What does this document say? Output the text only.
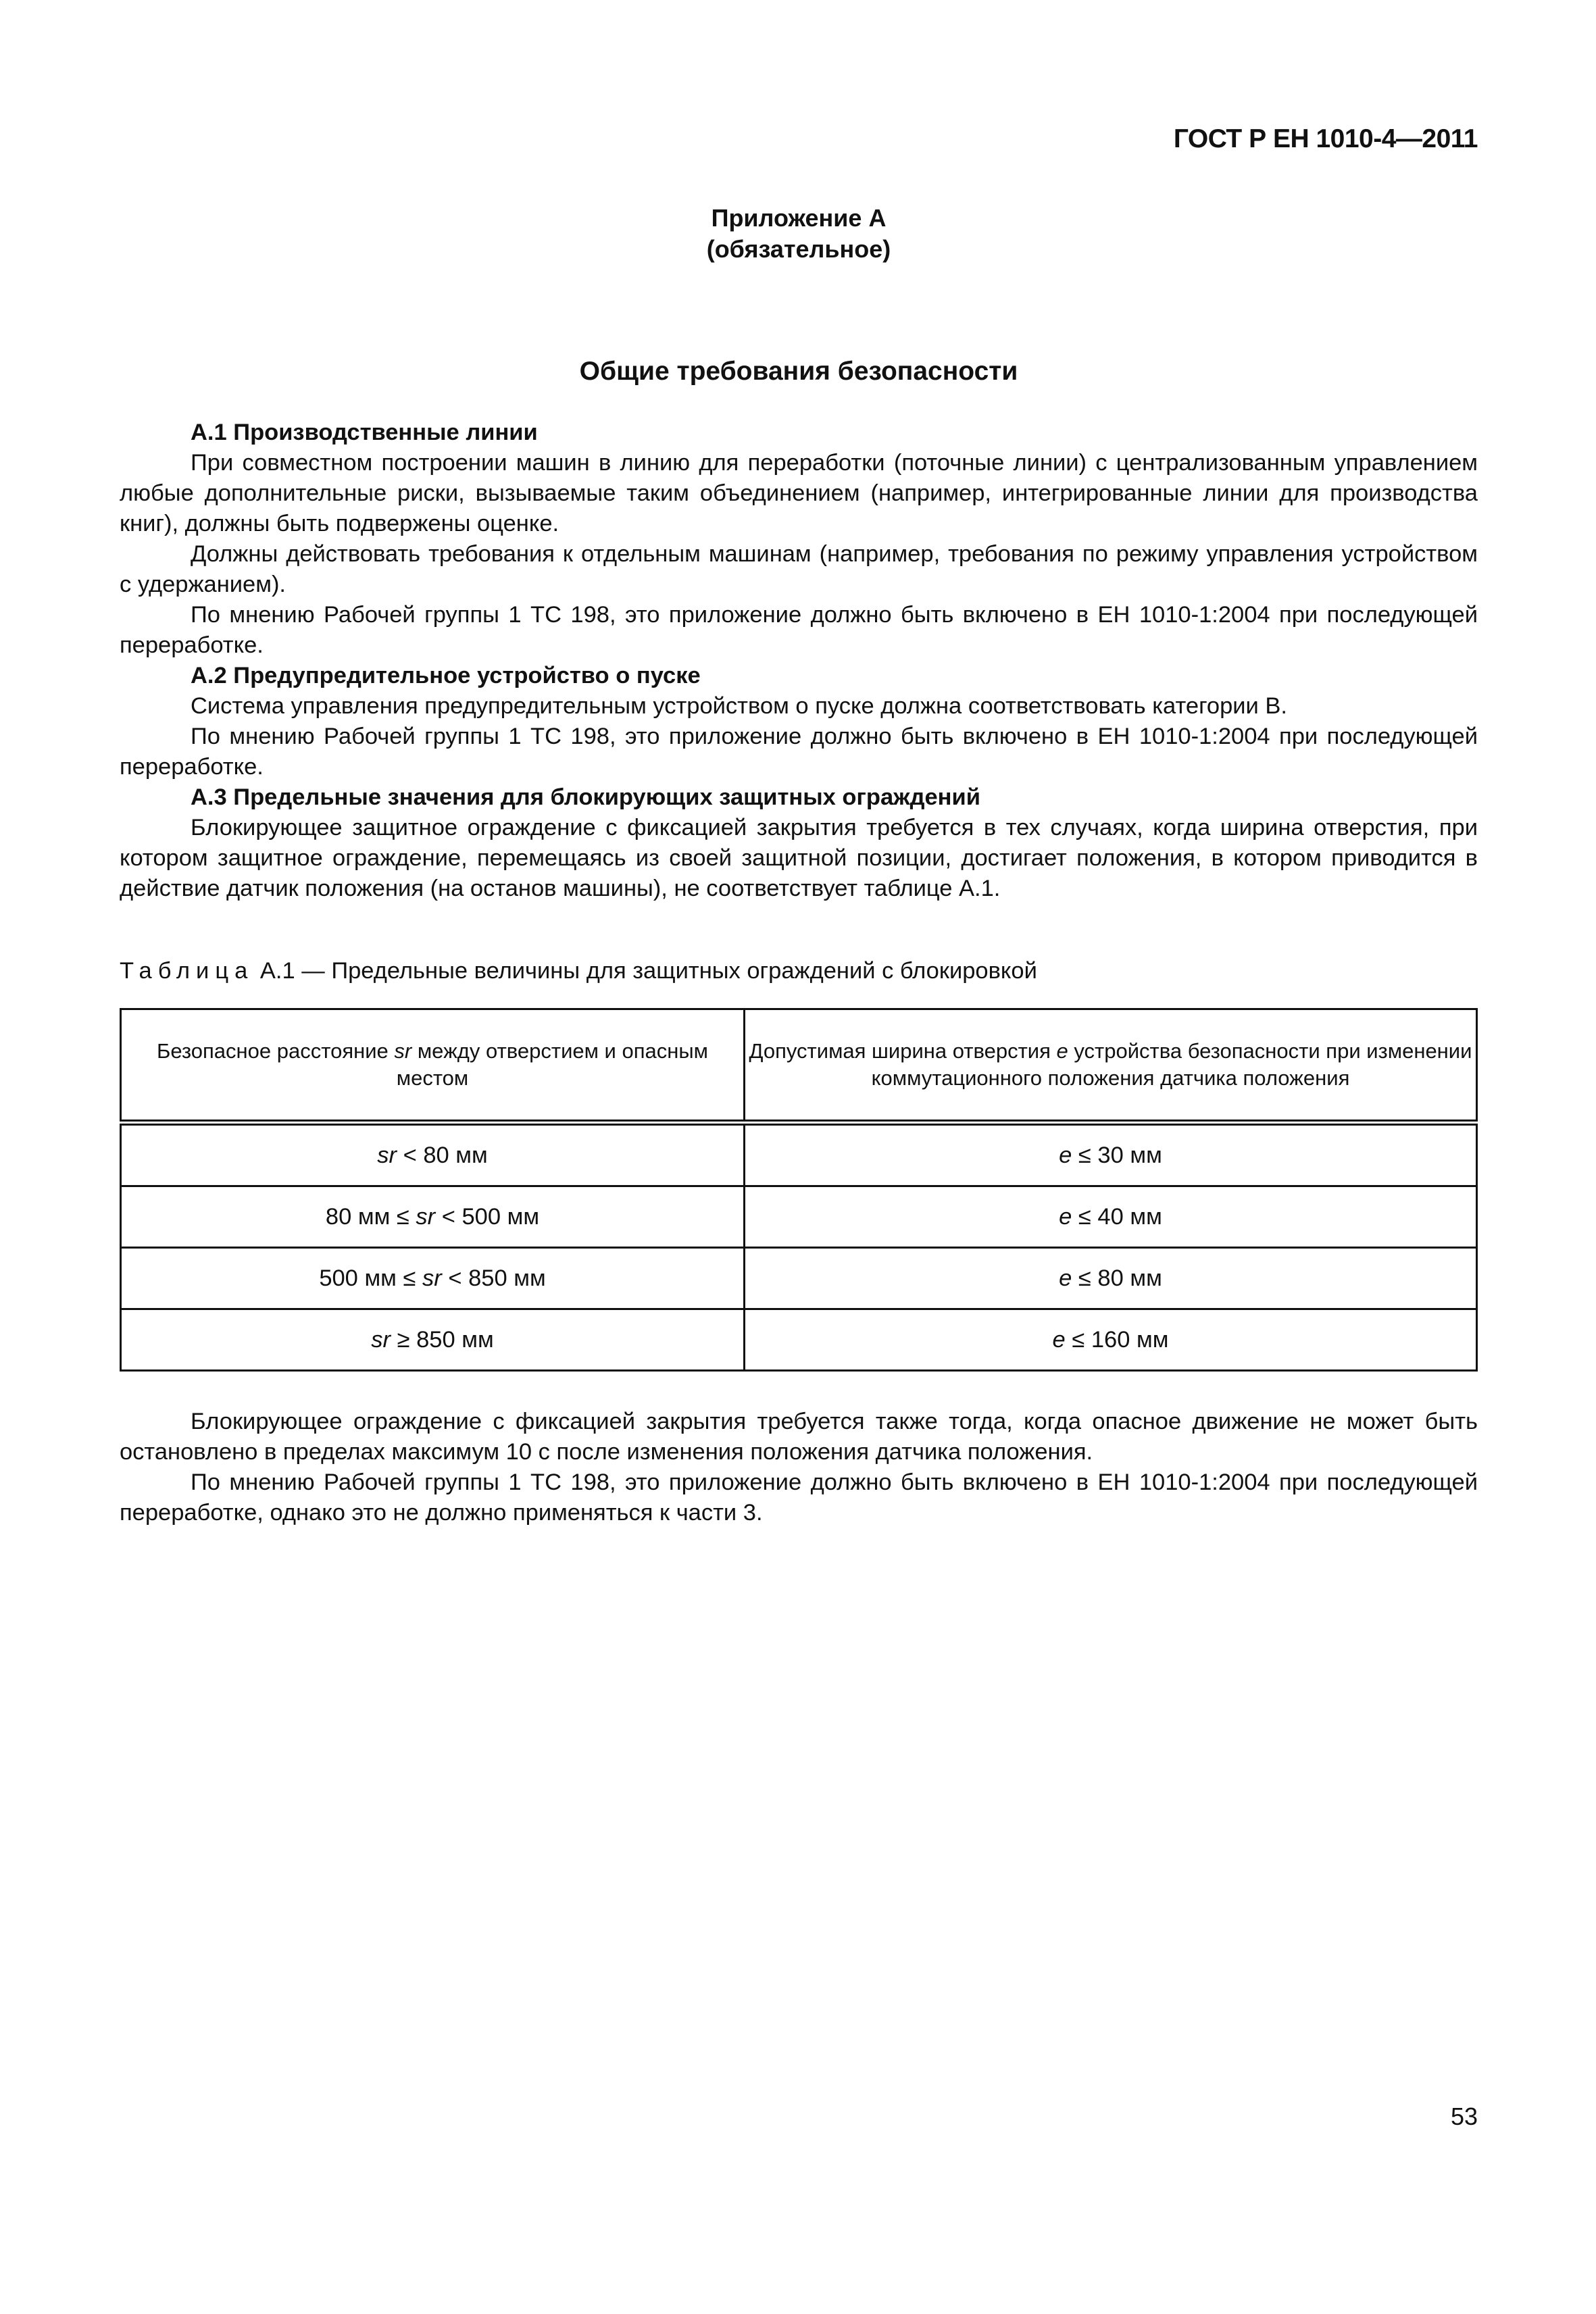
ГОСТ Р ЕН 1010-4—2011
Приложение А
(обязательное)
Общие требования безопасности

А.1 Производственные линии

При совместном построении машин в линию для переработки (поточные линии) с централизованным управлением любые дополнительные риски, вызываемые таким объединением (например, интегрированные линии для производства книг), должны быть подвержены оценке.

Должны действовать требования к отдельным машинам (например, требования по режиму управления устройством с удержанием).

По мнению Рабочей группы 1 ТС 198, это приложение должно быть включено в ЕН 1010-1:2004 при последующей переработке.

А.2 Предупредительное устройство о пуске

Система управления предупредительным устройством о пуске должна соответствовать категории В.

По мнению Рабочей группы 1 ТС 198, это приложение должно быть включено в ЕН 1010-1:2004 при последующей переработке.

А.3 Предельные значения для блокирующих защитных ограждений

Блокирующее защитное ограждение с фиксацией закрытия требуется в тех случаях, когда ширина отверстия, при котором защитное ограждение, перемещаясь из своей защитной позиции, достигает положения, в котором приводится в действие датчик положения (на останов машины), не соответствует таблице А.1.

Таблица А.1 — Предельные величины для защитных ограждений с блокировкой
Безопасное расстояние sr между отверстием и опасным местом	Допустимая ширина отверстия е устройства безопасности при изменении коммутационного положения датчика положения
sr < 80 мм	е ≤ 30 мм
80 мм ≤ sr < 500 мм	е ≤ 40 мм
500 мм ≤ sr < 850 мм	е ≤ 80 мм
sr ≥ 850 мм	е ≤ 160 мм

Блокирующее ограждение с фиксацией закрытия требуется также тогда, когда опасное движение не может быть остановлено в пределах максимум 10 с после изменения положения датчика положения.

По мнению Рабочей группы 1 ТС 198, это приложение должно быть включено в ЕН 1010-1:2004 при последующей переработке, однако это не должно применяться к части 3.

53
